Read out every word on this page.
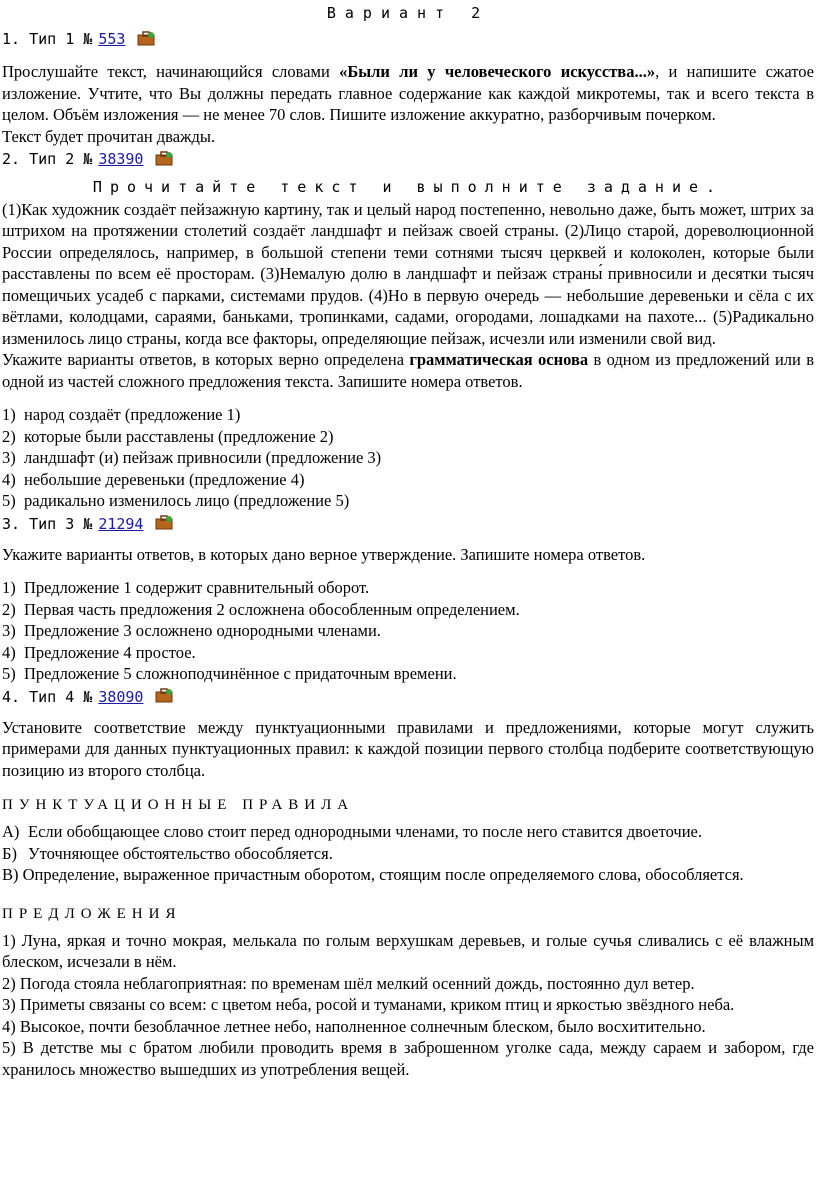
Вариант 2
1. Тип 1 № 553

Прослушайте текст, начинающийся словами «Были ли у человеческого искусства...», и напишите сжатое изложение. Учтите, что Вы должны передать главное содержание как каждой микротемы, так и всего текста в целом. Объём изложения — не менее 70 слов. Пишите изложение аккуратно, разборчивым почерком.

Текст будет прочитан дважды.

2. Тип 2 № 38390
Прочитайте текст и выполните задание.

(1)Как художник создаёт пейзажную картину, так и целый народ постепенно, невольно даже, быть может, штрих за штрихом на протяжении столетий создаёт ландшафт и пейзаж своей страны. (2)Лицо старой, дореволюционной России определялось, например, в большой степени теми сотнями тысяч церквей и колоколен, которые были расставлены по всем её просторам. (3)Немалую долю в ландшафт и пейзаж страны́ привносили и десятки тысяч помещичьих усадеб с парками, системами прудов. (4)Но в первую очередь — небольшие деревеньки и сёла с их вётлами, колодцами, сараями, баньками, тропинками, садами, огородами, лошадками на пахоте... (5)Радикально изменилось лицо страны, когда все факторы, определяющие пейзаж, исчезли или изменили свой вид.

Укажите варианты ответов, в которых верно определена грамматическая основа в одном из предложений или в одной из частей сложного предложения текста. Запишите номера ответов.

1) народ создаёт (предложение 1)
2) которые были расставлены (предложение 2)
3) ландшафт (и) пейзаж привносили (предложение 3)
4) небольшие деревеньки (предложение 4)
5) радикально изменилось лицо (предложение 5)
3. Тип 3 № 21294

Укажите варианты ответов, в которых дано верное утверждение. Запишите номера ответов.

1) Предложение 1 содержит сравнительный оборот.
2) Первая часть предложения 2 осложнена обособленным определением.
3) Предложение 3 осложнено однородными членами.
4) Предложение 4 простое.
5) Предложение 5 сложноподчинённое с придаточным времени.
4. Тип 4 № 38090

Установите соответствие между пунктуационными правилами и предложениями, которые могут служить примерами для данных пунктуационных правил: к каждой позиции первого столбца подберите соответствующую позицию из второго столбца.

ПУНКТУАЦИОННЫЕ ПРАВИЛА
А) Если обобщающее слово стоит перед однородными членами, то после него ставится двоеточие.
Б) Уточняющее обстоятельство обособляется.

В) Определение, выраженное причастным оборотом, стоящим после определяемого слова, обособляется.

ПРЕДЛОЖЕНИЯ

1) Луна, яркая и точно мокрая, мелькала по голым верхушкам деревьев, и голые сучья сливались с её влажным блеском, исчезали в нём.

2) Погода стояла неблагоприятная: по временам шёл мелкий осенний дождь, постоянно дул ветер.

3) Приметы связаны со всем: с цветом неба, росой и туманами, криком птиц и яркостью звёздного неба.

4) Высокое, почти безоблачное летнее небо, наполненное солнечным блеском, было восхитительно.

5) В детстве мы с братом любили проводить время в заброшенном уголке сада, между сараем и забором, где хранилось множество вышедших из употребления вещей.
